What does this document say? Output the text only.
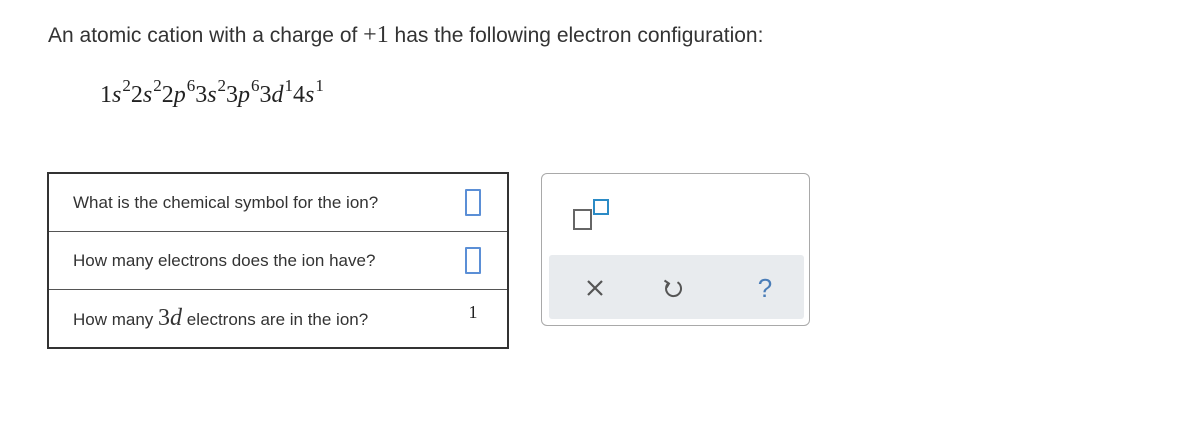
An atomic cation with a charge of +1 has the following electron configuration:
$1s^22s^22p^63s^23p^63d^14s^1$
What is the chemical symbol for the ion?	
How many electrons does the ion have?	
How many 3d electrons are in the ion?	1
?
